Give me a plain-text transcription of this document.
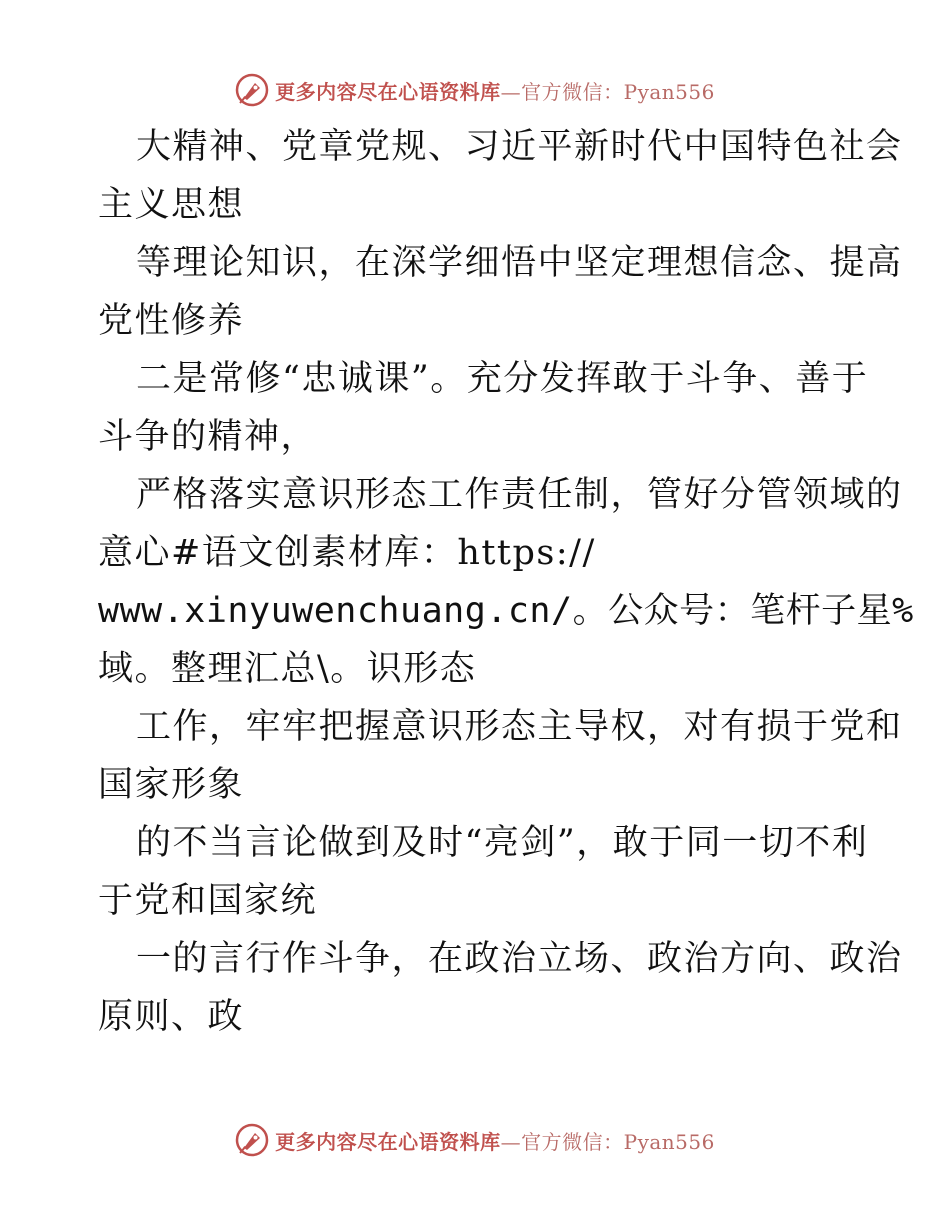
更多内容尽在心语资料库—官方微信：Pyan556
大精神、党章党规、习近平新时代中国特色社会
主义思想
等理论知识，在深学细悟中坚定理想信念、提高
党性修养
二是常修“忠诚课”。充分发挥敢于斗争、善于
斗争的精神，
严格落实意识形态工作责任制，管好分管领域的
意心#语文创素材库：https://
www.xinyuwenchuang.cn/。公众号：笔杆子星%
域。整理汇总\。识形态
工作，牢牢把握意识形态主导权，对有损于党和
国家形象
的不当言论做到及时“亮剑”，敢于同一切不利
于党和国家统
一的言行作斗争，在政治立场、政治方向、政治
原则、政
更多内容尽在心语资料库—官方微信：Pyan556
